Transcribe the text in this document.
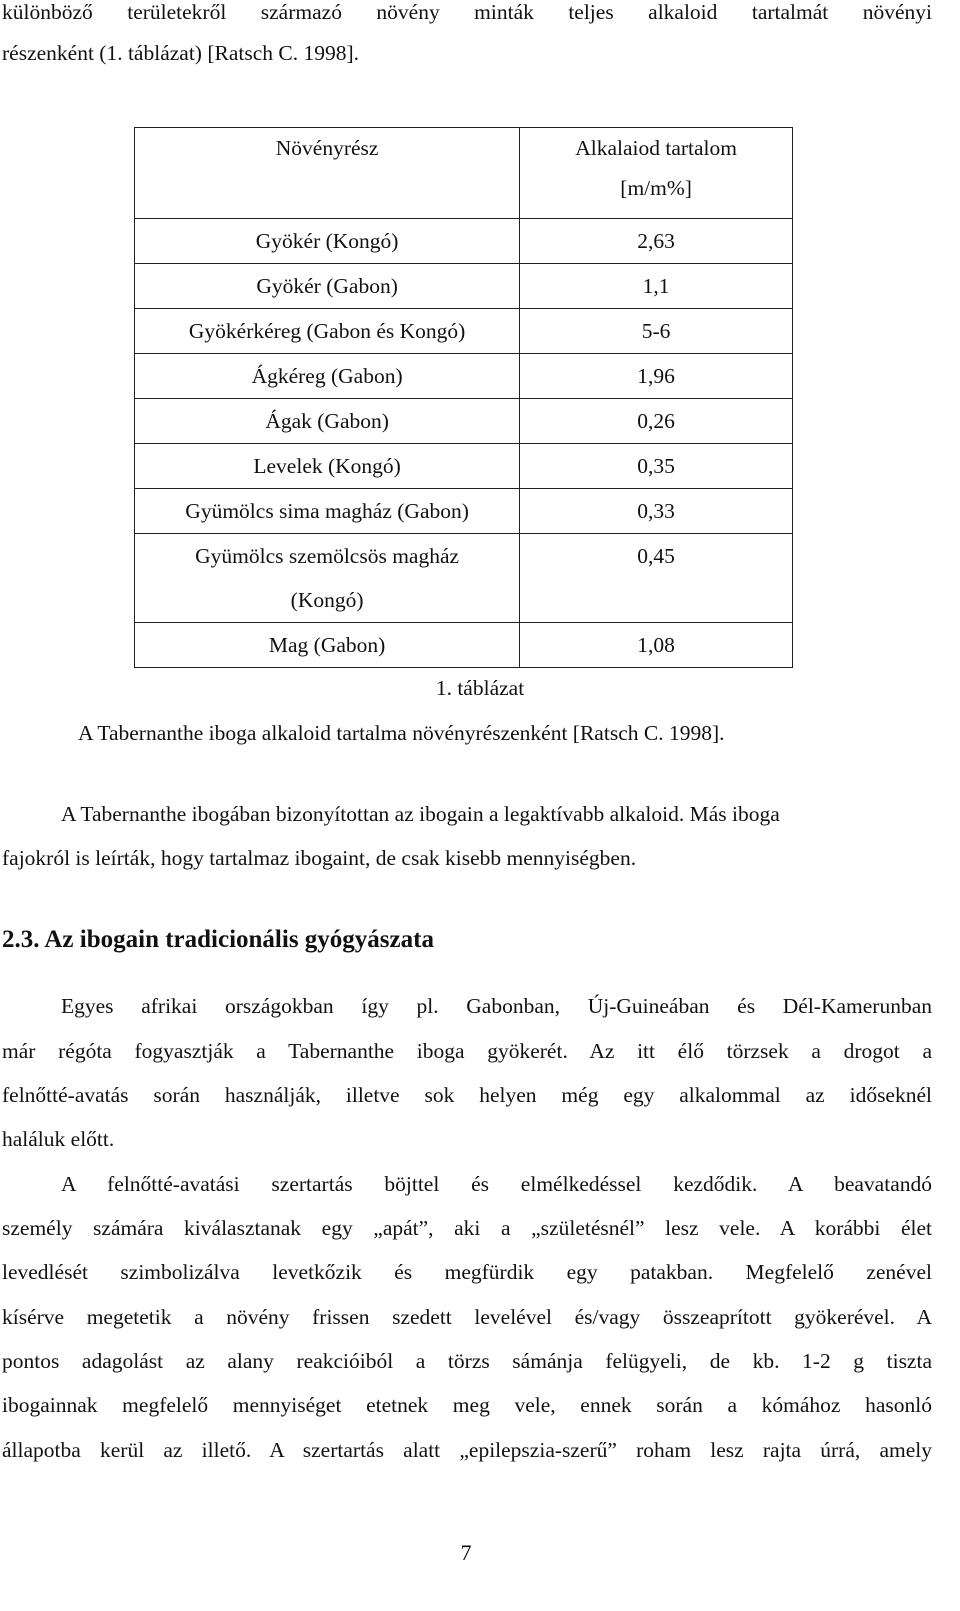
különböző területekről származó növény minták teljes alkaloid tartalmát növényi

részenként (1. táblázat) [Ratsch C. 1998].

Növényrész	Alkalaiod tartalom
[m/m%]

Gyökér (Kongó)	2,63
Gyökér (Gabon)	1,1
Gyökérkéreg (Gabon és Kongó)	5-6
Ágkéreg (Gabon)	1,96
Ágak (Gabon)	0,26
Levelek (Kongó)	0,35
Gyümölcs sima magház (Gabon)	0,33

Gyümölcs szemölcsös magház
(Kongó)	0,45
Mag (Gabon)	1,08

1. táblázat

A Tabernanthe iboga alkaloid tartalma növényrészenként [Ratsch C. 1998].

A Tabernanthe ibogában bizonyítottan az ibogain a legaktívabb alkaloid. Más iboga

fajokról is leírták, hogy tartalmaz ibogaint, de csak kisebb mennyiségben.

2.3. Az ibogain tradicionális gyógyászata

Egyes afrikai országokban így pl. Gabonban, Új-Guineában és Dél-Kamerunban

már régóta fogyasztják a Tabernanthe iboga gyökerét. Az itt élő törzsek a drogot a

felnőtté-avatás során használják, illetve sok helyen még egy alkalommal az időseknél

haláluk előtt.

A felnőtté-avatási szertartás böjttel és elmélkedéssel kezdődik. A beavatandó

személy számára kiválasztanak egy „apát”, aki a „születésnél” lesz vele. A korábbi élet

levedlését szimbolizálva levetkőzik és megfürdik egy patakban. Megfelelő zenével

kísérve megetetik a növény frissen szedett levelével és/vagy összeaprított gyökerével. A

pontos adagolást az alany reakcióiból a törzs sámánja felügyeli, de kb. 1-2 g tiszta

ibogainnak megfelelő mennyiséget etetnek meg vele, ennek során a kómához hasonló

állapotba kerül az illető. A szertartás alatt „epilepszia-szerű” roham lesz rajta úrrá, amely

7
